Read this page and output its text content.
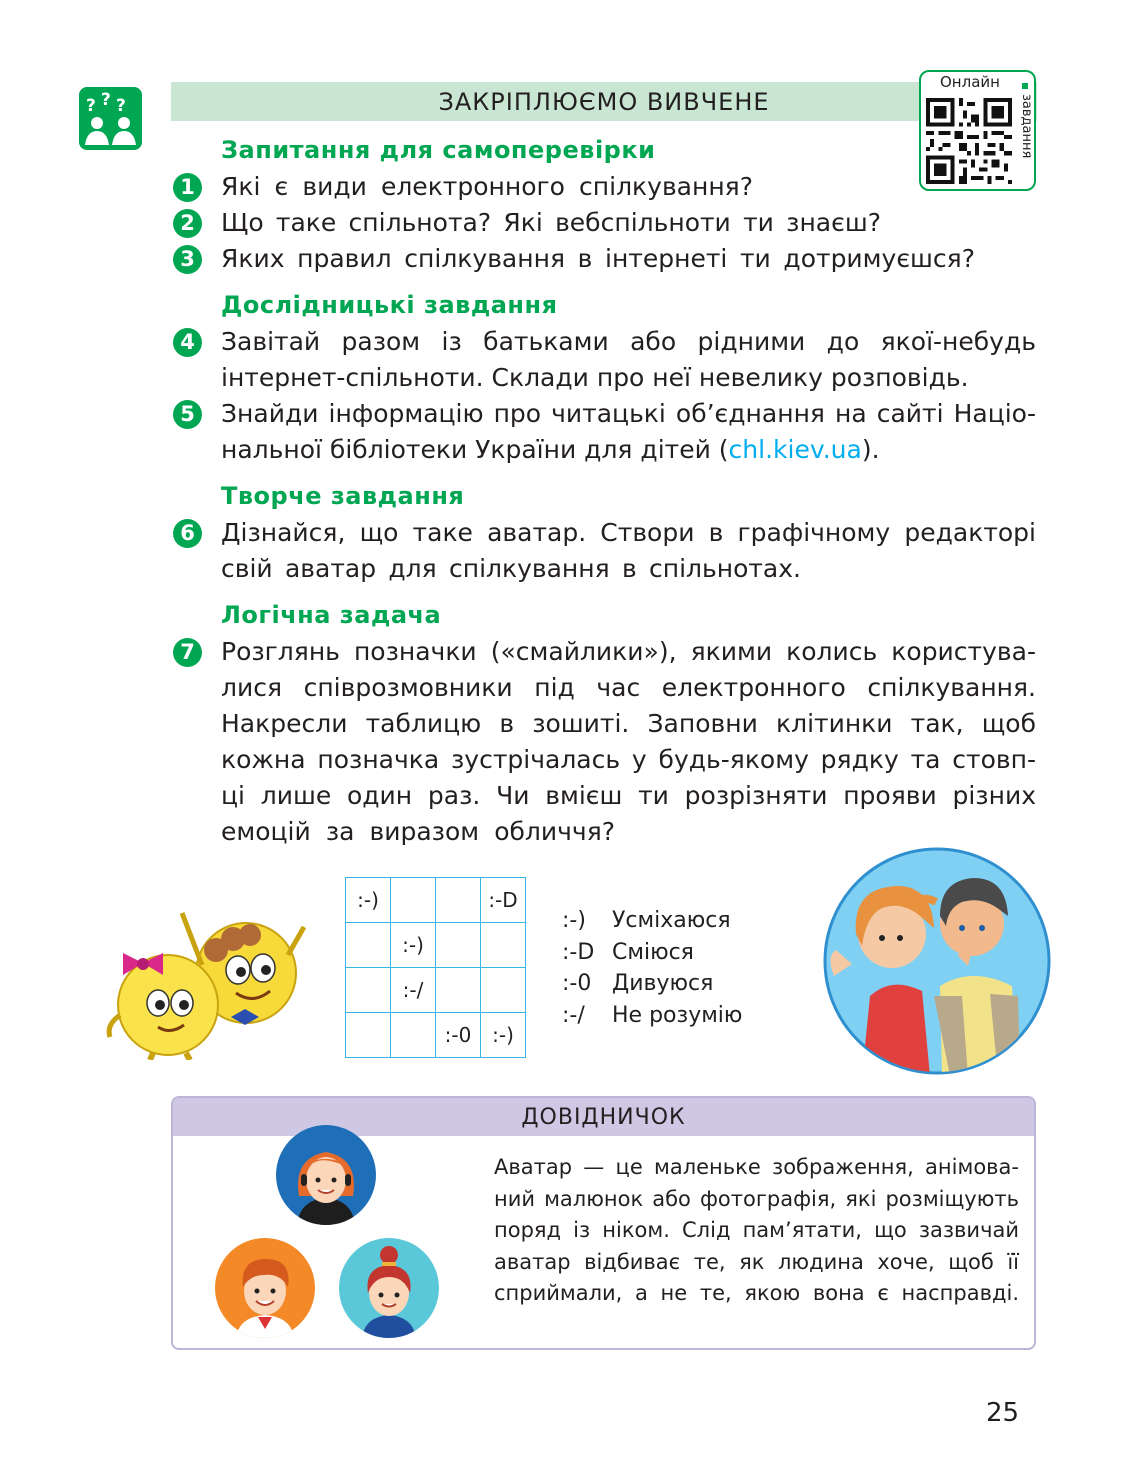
? ? ?	ЗАКРІПЛЮЄМО ВИВЧЕНЕ
Онлайн
завдання
Запитання для самоперевірки
Дослідницькі завдання
Творче завдання
Логічна задача
1 Які є види електронного спілкування?
2 Що таке спільнота? Які вебспільноти ти знаєш?
3 Яких правил спілкування в інтернеті ти дотримуєшся?
4 Завітай разом із батьками або рідними до якої-небудь
інтернет-спільноти. Склади про неї невелику розповідь.
5 Знайди інформацію про читацькі об’єднання на сайті Націо-
нальної бібліотеки України для дітей (chl.kiev.ua).
6 Дізнайся, що таке аватар. Створи в графічному редакторі
свій аватар для спілкування в спільнотах.
7 Розглянь позначки («смайлики»), якими колись користува-
лися співрозмовники під час електронного спілкування.
Накресли таблицю в зошиті. Заповни клітинки так, щоб
кожна позначка зустрічалась у будь-якому рядку та стовп-
ці лише один раз. Чи вмієш ти розрізняти прояви різних
емоцій за виразом обличчя?
:-)			:-D
	:-)		
	:-/		
		:-0	:-)
:-) Усміхаюся
:-D Сміюся
:-0 Дивуюся
:-/ Не розумію
ДОВІДНИЧОК
Аватар — це маленьке зображення, анімова-
ний малюнок або фотографія, які розміщують
поряд із ніком. Слід пам’ятати, що зазвичай
аватар відбиває те, як людина хоче, щоб її
сприймали, а не те, якою вона є насправді.
25
